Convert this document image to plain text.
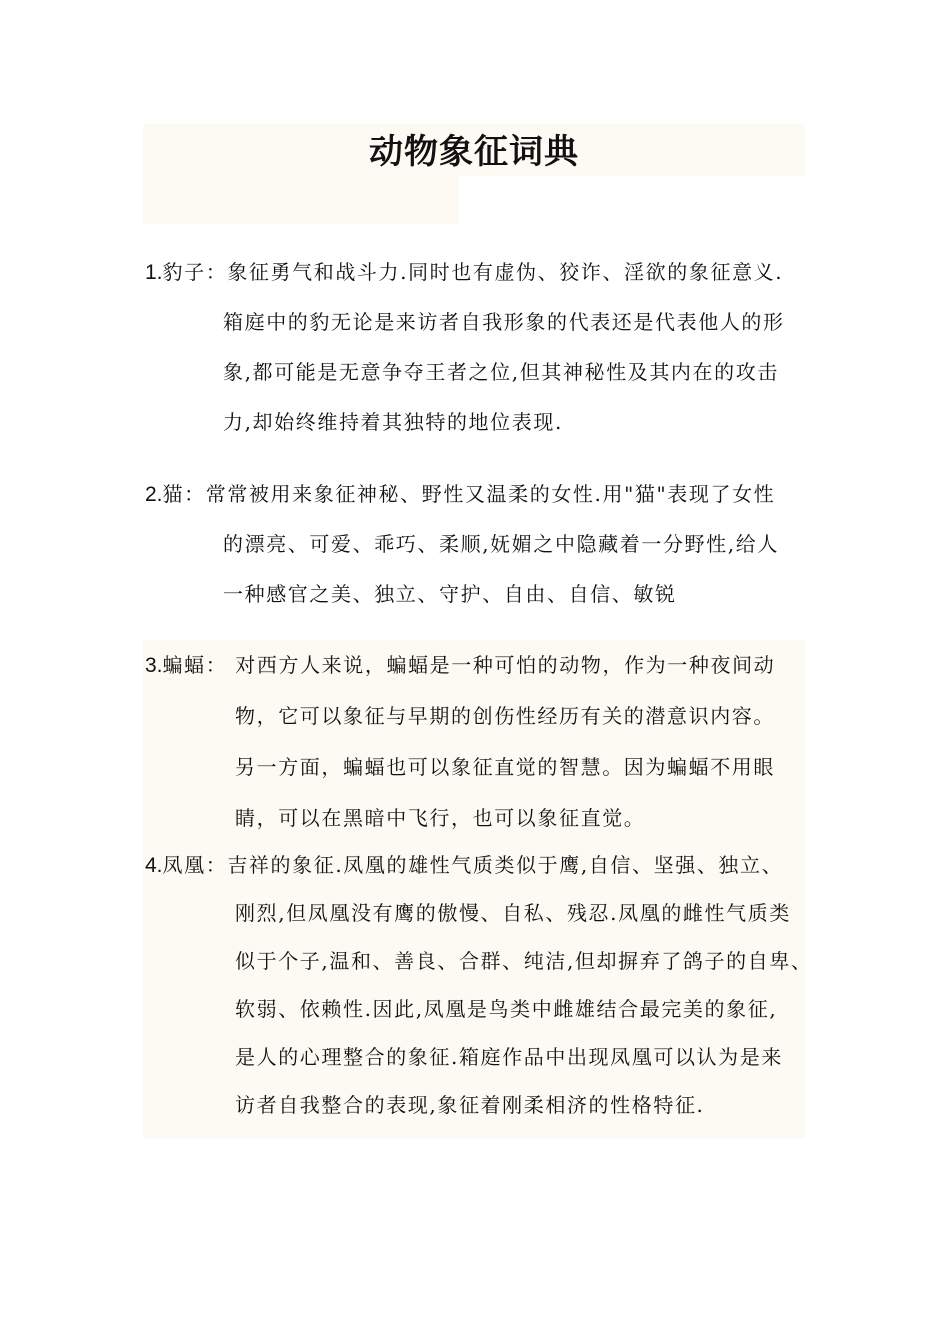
动物象征词典
1.豹子：象征勇气和战斗力.同时也有虚伪、狡诈、淫欲的象征意义.
箱庭中的豹无论是来访者自我形象的代表还是代表他人的形
象,都可能是无意争夺王者之位,但其神秘性及其内在的攻击
力,却始终维持着其独特的地位表现.
2.猫：常常被用来象征神秘、野性又温柔的女性.用"猫"表现了女性
的漂亮、可爱、乖巧、柔顺,妩媚之中隐藏着一分野性,给人
一种感官之美、独立、守护、自由、自信、敏锐
3.蝙蝠： 对西方人来说，蝙蝠是一种可怕的动物，作为一种夜间动
物，它可以象征与早期的创伤性经历有关的潜意识内容。
另一方面，蝙蝠也可以象征直觉的智慧。因为蝙蝠不用眼
睛，可以在黑暗中飞行，也可以象征直觉。
4.凤凰：吉祥的象征.凤凰的雄性气质类似于鹰,自信、坚强、独立、
刚烈,但凤凰没有鹰的傲慢、自私、残忍.凤凰的雌性气质类
似于个子,温和、善良、合群、纯洁,但却摒弃了鸽子的自卑、
软弱、依赖性.因此,凤凰是鸟类中雌雄结合最完美的象征,
是人的心理整合的象征.箱庭作品中出现凤凰可以认为是来
访者自我整合的表现,象征着刚柔相济的性格特征.
